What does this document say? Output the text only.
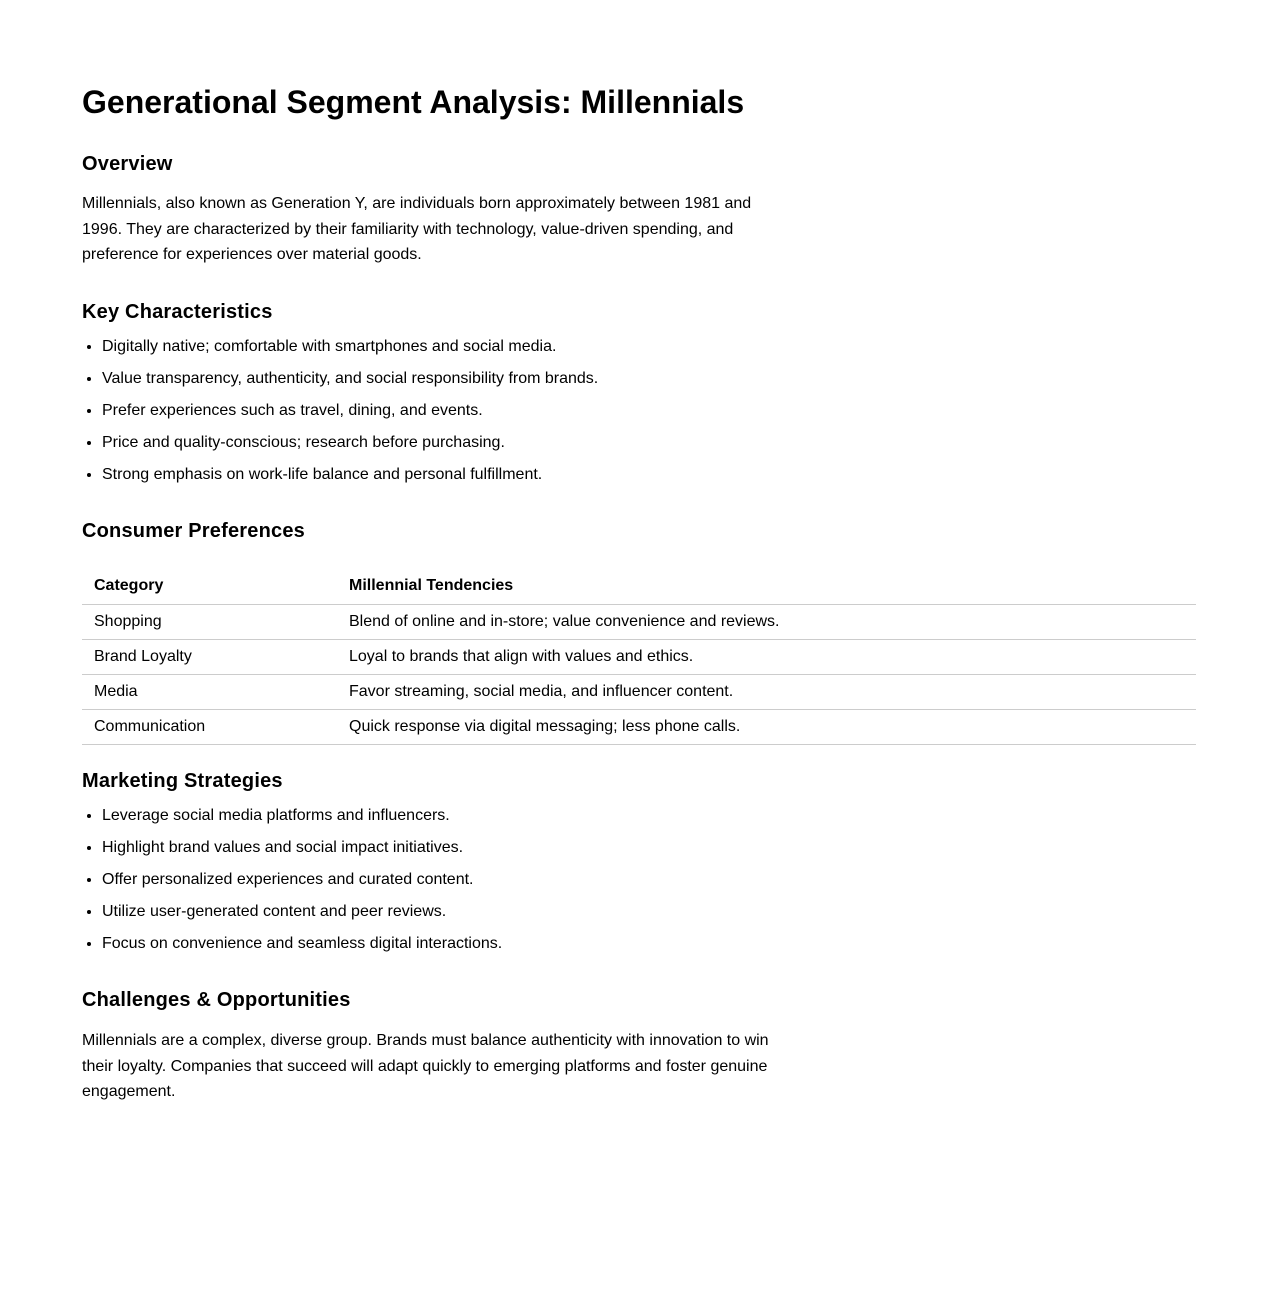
Generational Segment Analysis: Millennials
Overview

Millennials, also known as Generation Y, are individuals born approximately between 1981 and 1996. They are characterized by their familiarity with technology, value-driven spending, and preference for experiences over material goods.

Key Characteristics
• Digitally native; comfortable with smartphones and social media.
• Value transparency, authenticity, and social responsibility from brands.
• Prefer experiences such as travel, dining, and events.
• Price and quality-conscious; research before purchasing.
• Strong emphasis on work-life balance and personal fulfillment.
Consumer Preferences
Category	Millennial Tendencies
Shopping	Blend of online and in-store; value convenience and reviews.
Brand Loyalty	Loyal to brands that align with values and ethics.
Media	Favor streaming, social media, and influencer content.
Communication	Quick response via digital messaging; less phone calls.
Marketing Strategies
• Leverage social media platforms and influencers.
• Highlight brand values and social impact initiatives.
• Offer personalized experiences and curated content.
• Utilize user-generated content and peer reviews.
• Focus on convenience and seamless digital interactions.
Challenges & Opportunities

Millennials are a complex, diverse group. Brands must balance authenticity with innovation to win their loyalty. Companies that succeed will adapt quickly to emerging platforms and foster genuine engagement.
